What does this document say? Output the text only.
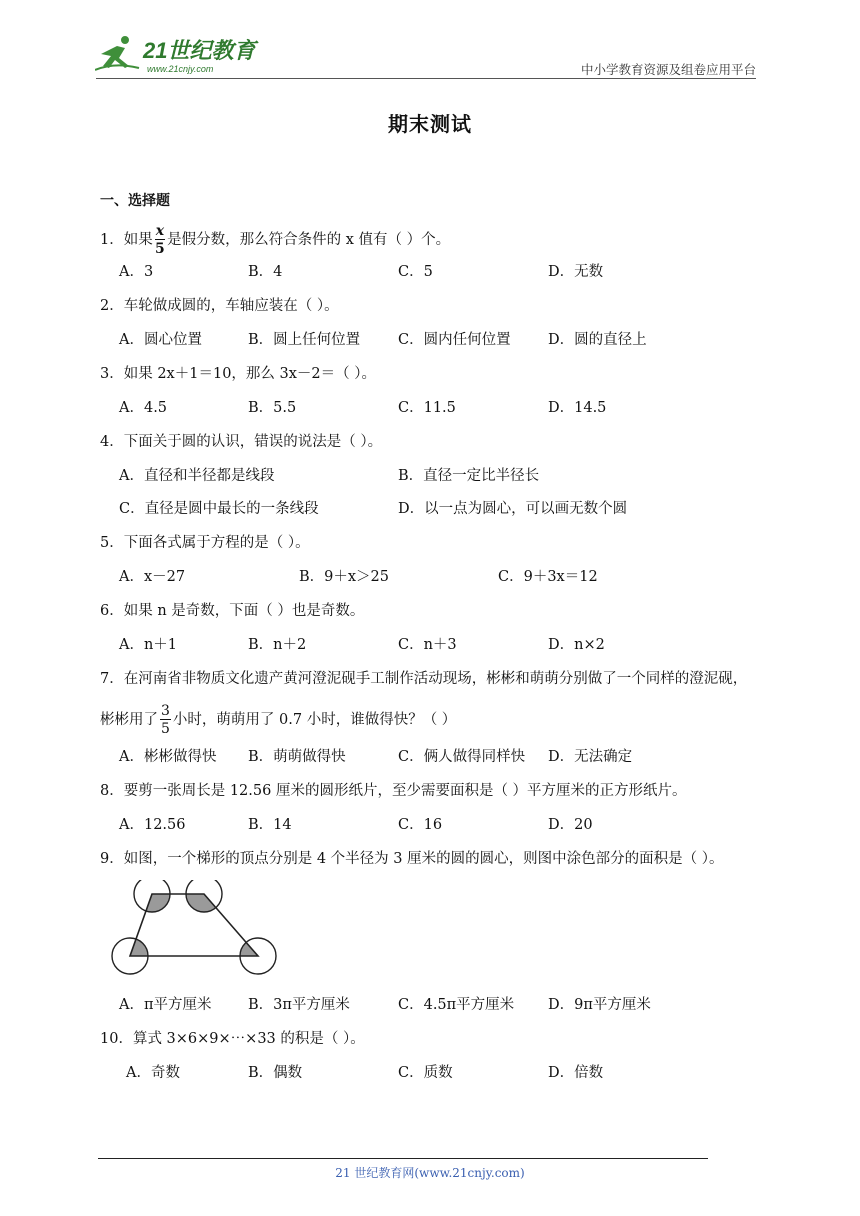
21世纪教育
www.21cnjy.com	中小学教育资源及组卷应用平台
期末测试
一、选择题
1．如果 $\frac{x}{5}$ 是假分数，那么符合条件的 x 值有（ ）个。
A．3	B．4	C．5	D．无数
2．车轮做成圆的，车轴应装在（ ）。
A．圆心位置	B．圆上任何位置	C．圆内任何位置	D．圆的直径上
3．如果 2x＋1＝10，那么 3x－2＝（ ）。
A．4.5	B．5.5	C．11.5	D．14.5
4．下面关于圆的认识，错误的说法是（ ）。
A．直径和半径都是线段	B．直径一定比半径长
C．直径是圆中最长的一条线段	D．以一点为圆心，可以画无数个圆
5．下面各式属于方程的是（ ）。
A．x－27	B．9＋x＞25	C．9＋3x＝12
6．如果 n 是奇数，下面（ ）也是奇数。
A．n＋1	B．n＋2	C．n＋3	D．n×2
7．在河南省非物质文化遗产黄河澄泥砚手工制作活动现场，彬彬和萌萌分别做了一个同样的澄泥砚，
彬彬用了 $\frac{3}{5}$ 小时，萌萌用了 0.7 小时，谁做得快？（ ）
A．彬彬做得快 B．萌萌做得快	C．俩人做得同样快 D．无法确定
8．要剪一张周长是 12.56 厘米的圆形纸片，至少需要面积是（ ）平方厘米的正方形纸片。
A．12.56	B．14	C．16	D．20
9．如图，一个梯形的顶点分别是 4 个半径为 3 厘米的圆的圆心，则图中涂色部分的面积是（ ）。
A．π平方厘米	B．3π平方厘米	C．4.5π平方厘米 D．9π平方厘米
10．算式 3×6×9×⋯×33 的积是（ ）。
A．奇数	B．偶数	C．质数	D．倍数
21 世纪教育网(www.21cnjy.com)
